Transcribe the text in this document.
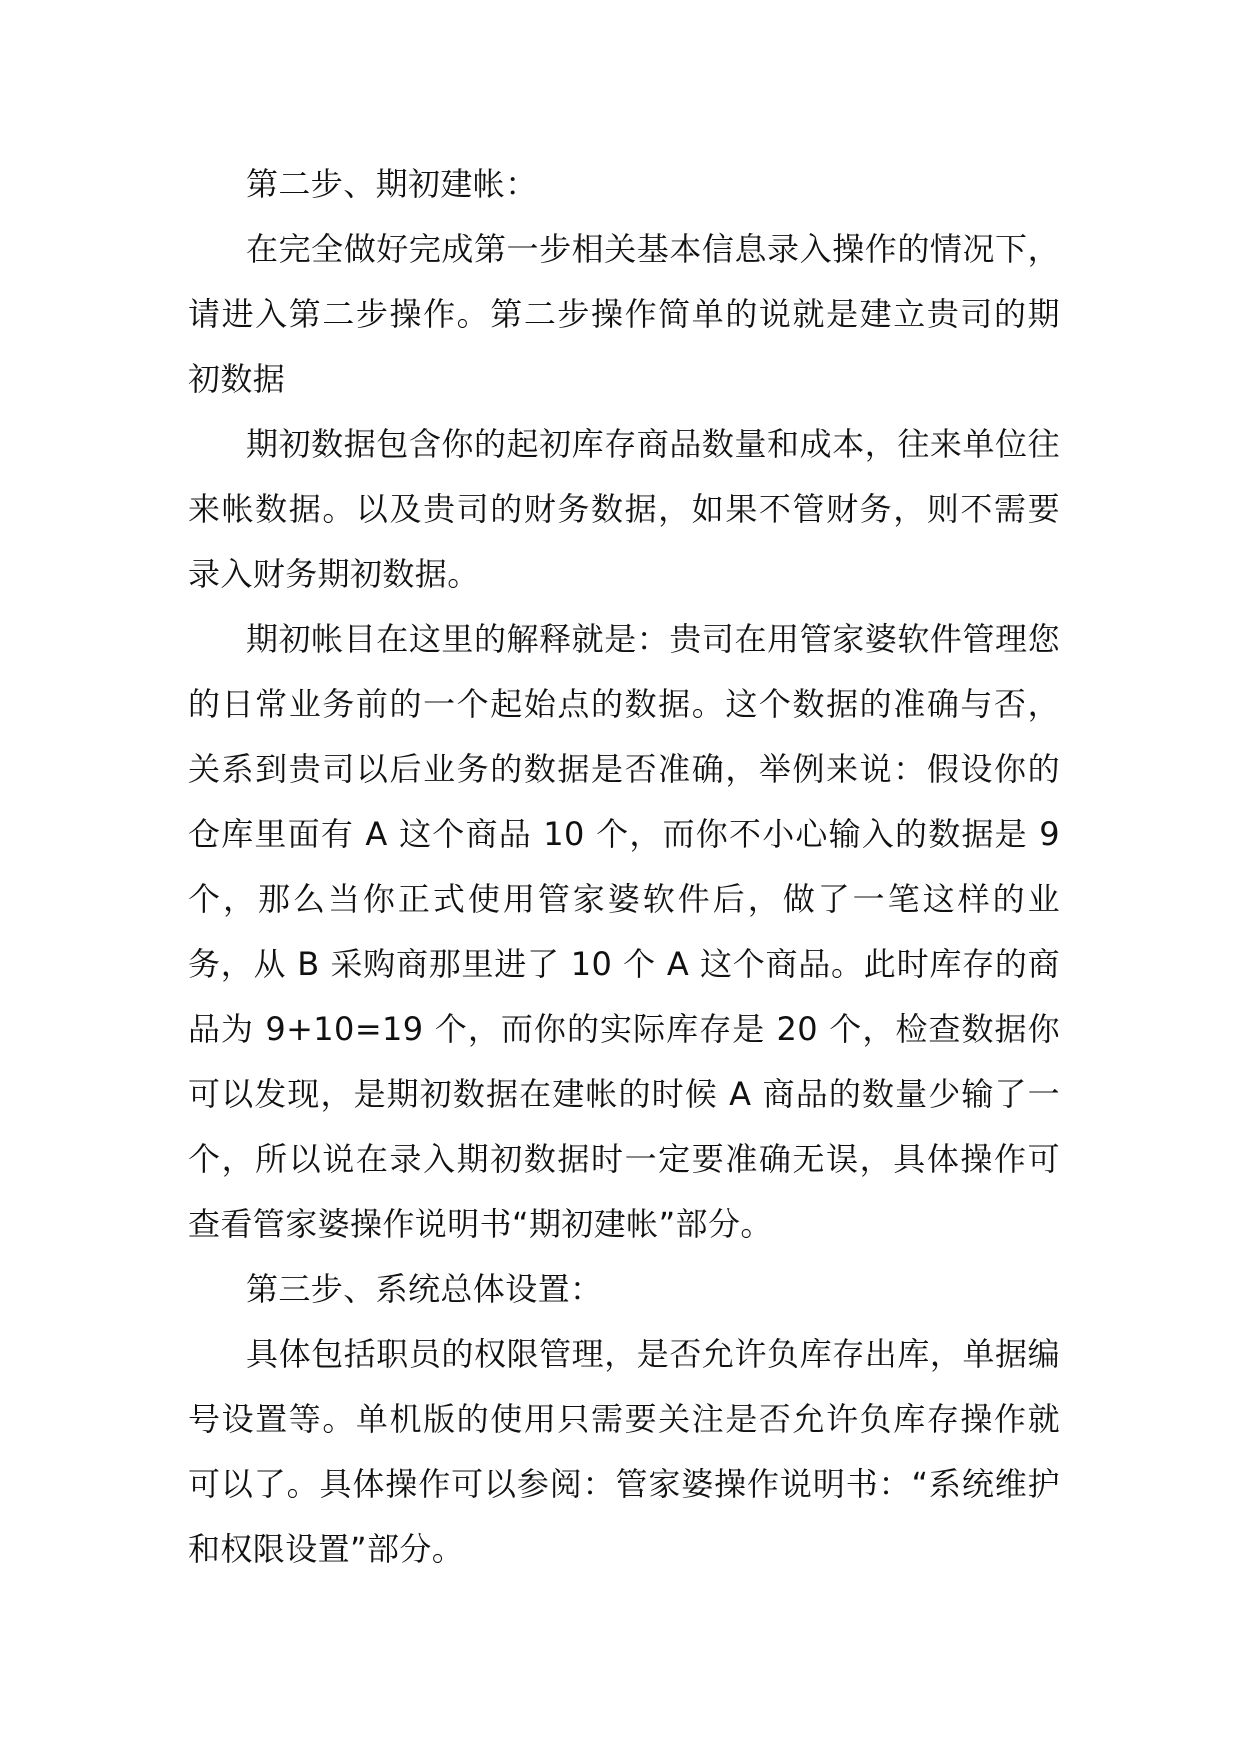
第二步、期初建帐：

在完全做好完成第一步相关基本信息录入操作的情况下，请进入第二步操作。第二步操作简单的说就是建立贵司的期初数据

期初数据包含你的起初库存商品数量和成本，往来单位往来帐数据。以及贵司的财务数据，如果不管财务，则不需要录入财务期初数据。

期初帐目在这里的解释就是：贵司在用管家婆软件管理您的日常业务前的一个起始点的数据。这个数据的准确与否，关系到贵司以后业务的数据是否准确，举例来说：假设你的仓库里面有 A 这个商品 10 个，而你不小心输入的数据是 9 个，那么当你正式使用管家婆软件后，做了一笔这样的业务，从 B 采购商那里进了 10 个 A 这个商品。此时库存的商品为 9+10=19 个，而你的实际库存是 20 个，检查数据你可以发现，是期初数据在建帐的时候 A 商品的数量少输了一个，所以说在录入期初数据时一定要准确无误，具体操作可查看管家婆操作说明书“期初建帐”部分。

第三步、系统总体设置：

具体包括职员的权限管理，是否允许负库存出库，单据编号设置等。单机版的使用只需要关注是否允许负库存操作就可以了。具体操作可以参阅：管家婆操作说明书：“系统维护和权限设置”部分。
